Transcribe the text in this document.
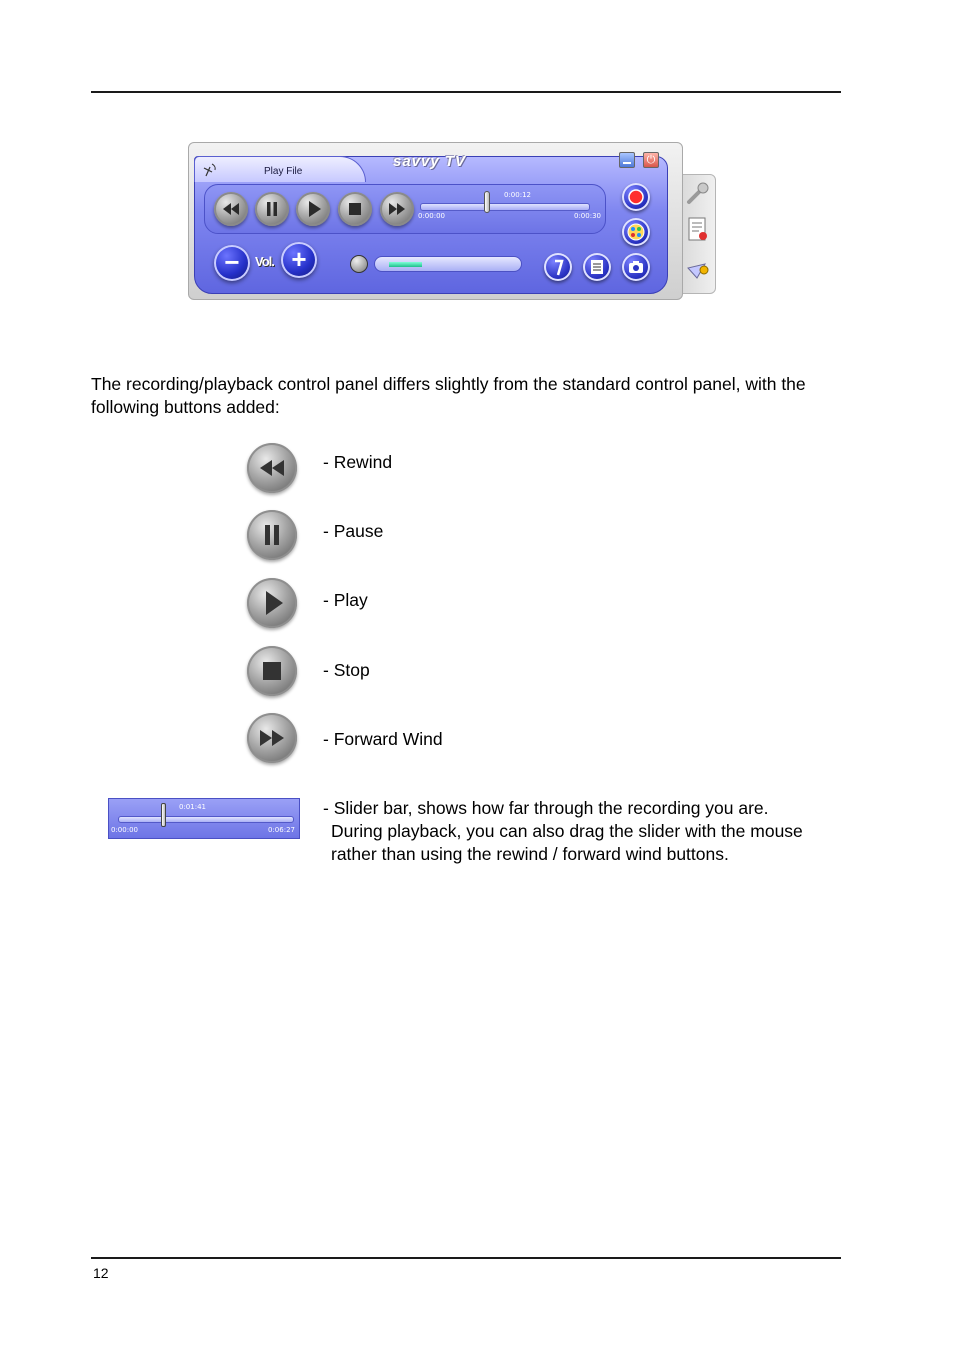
Play File
savvy TV	⏻
0:00:12
0:00:00	0:00:30
−	Vol. +

The recording/playback control panel differs slightly from the standard control panel, with the following buttons added:

- Rewind
- Pause
- Play
- Stop
- Forward Wind
0:01:41
0:00:00	0:06:27

- Slider bar, shows how far through the recording you are.
During playback, you can also drag the slider with the mouse
rather than using the rewind / forward wind buttons.

12
